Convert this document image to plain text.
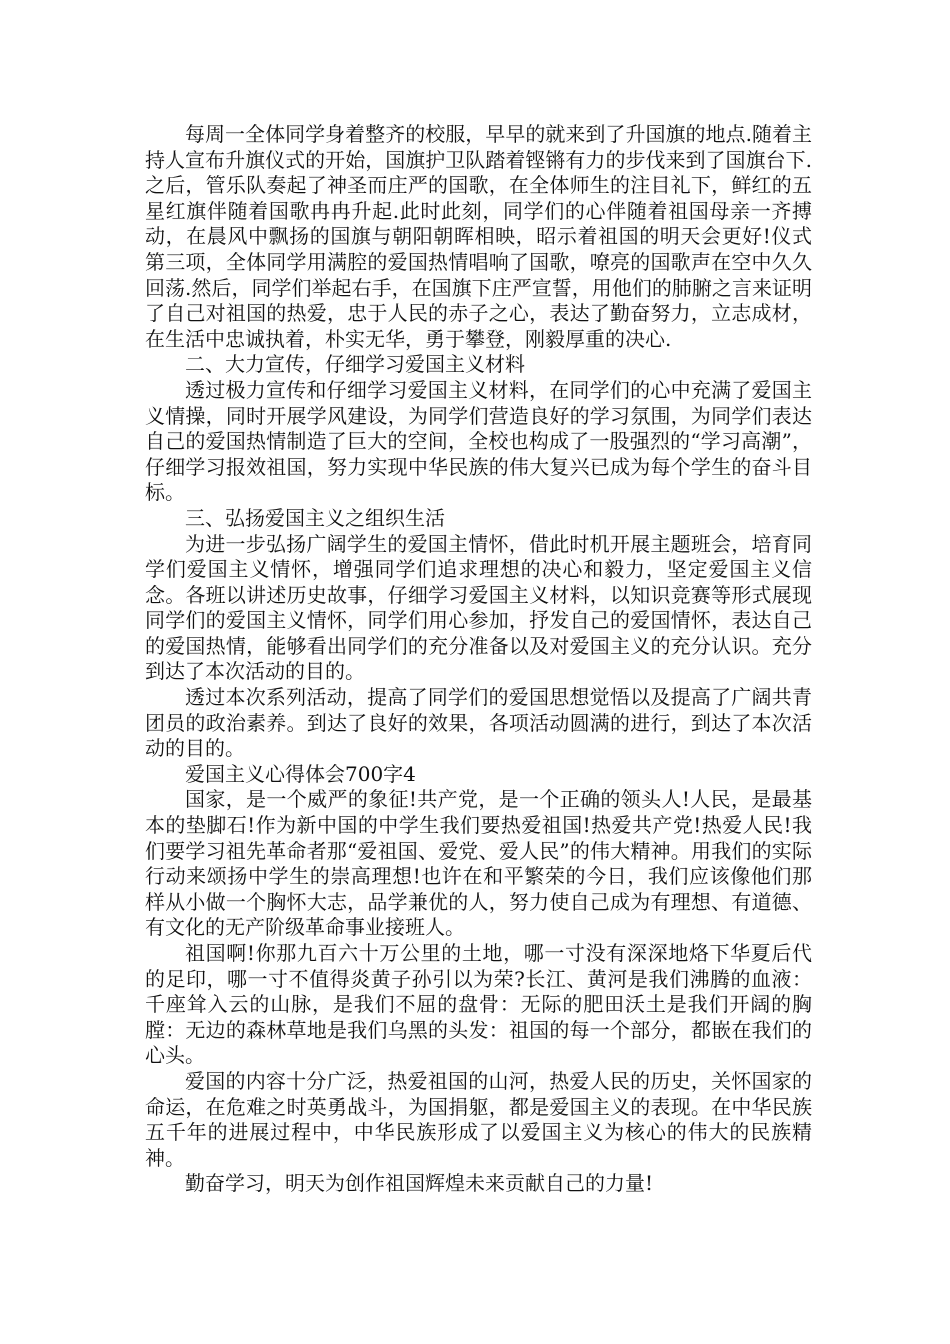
每周一全体同学身着整齐的校服，早早的就来到了升国旗的地点.随着主持人宣布升旗仪式的开始，国旗护卫队踏着铿锵有力的步伐来到了国旗台下.之后，管乐队奏起了神圣而庄严的国歌，在全体师生的注目礼下，鲜红的五星红旗伴随着国歌冉冉升起.此时此刻，同学们的心伴随着祖国母亲一齐搏动，在晨风中飘扬的国旗与朝阳朝晖相映，昭示着祖国的明天会更好!仪式第三项，全体同学用满腔的爱国热情唱响了国歌，嘹亮的国歌声在空中久久回荡.然后，同学们举起右手，在国旗下庄严宣誓，用他们的肺腑之言来证明了自己对祖国的热爱，忠于人民的赤子之心，表达了勤奋努力，立志成材，在生活中忠诚执着，朴实无华，勇于攀登，刚毅厚重的决心.

二、大力宣传，仔细学习爱国主义材料

透过极力宣传和仔细学习爱国主义材料，在同学们的心中充满了爱国主义情操，同时开展学风建设，为同学们营造良好的学习氛围，为同学们表达自己的爱国热情制造了巨大的空间，全校也构成了一股强烈的“学习高潮”，仔细学习报效祖国，努力实现中华民族的伟大复兴已成为每个学生的奋斗目标。

三、弘扬爱国主义之组织生活

为进一步弘扬广阔学生的爱国主情怀，借此时机开展主题班会，培育同学们爱国主义情怀，增强同学们追求理想的决心和毅力，坚定爱国主义信念。各班以讲述历史故事，仔细学习爱国主义材料，以知识竞赛等形式展现同学们的爱国主义情怀，同学们用心参加，抒发自己的爱国情怀，表达自己的爱国热情，能够看出同学们的充分准备以及对爱国主义的充分认识。充分到达了本次活动的目的。

透过本次系列活动，提高了同学们的爱国思想觉悟以及提高了广阔共青团员的政治素养。到达了良好的效果，各项活动圆满的进行，到达了本次活动的目的。

爱国主义心得体会700字4

国家，是一个威严的象征!共产党，是一个正确的领头人!人民，是最基本的垫脚石!作为新中国的中学生我们要热爱祖国!热爱共产党!热爱人民!我们要学习祖先革命者那“爱祖国、爱党、爱人民”的伟大精神。用我们的实际行动来颂扬中学生的崇高理想!也许在和平繁荣的今日，我们应该像他们那样从小做一个胸怀大志，品学兼优的人，努力使自己成为有理想、有道德、有文化的无产阶级革命事业接班人。

祖国啊!你那九百六十万公里的土地，哪一寸没有深深地烙下华夏后代的足印，哪一寸不值得炎黄子孙引以为荣?长江、黄河是我们沸腾的血液：千座耸入云的山脉，是我们不屈的盘骨：无际的肥田沃土是我们开阔的胸膛：无边的森林草地是我们乌黑的头发：祖国的每一个部分，都嵌在我们的心头。

爱国的内容十分广泛，热爱祖国的山河，热爱人民的历史，关怀国家的命运，在危难之时英勇战斗，为国捐躯，都是爱国主义的表现。在中华民族五千年的进展过程中，中华民族形成了以爱国主义为核心的伟大的民族精神。

勤奋学习，明天为创作祖国辉煌未来贡献自己的力量!
